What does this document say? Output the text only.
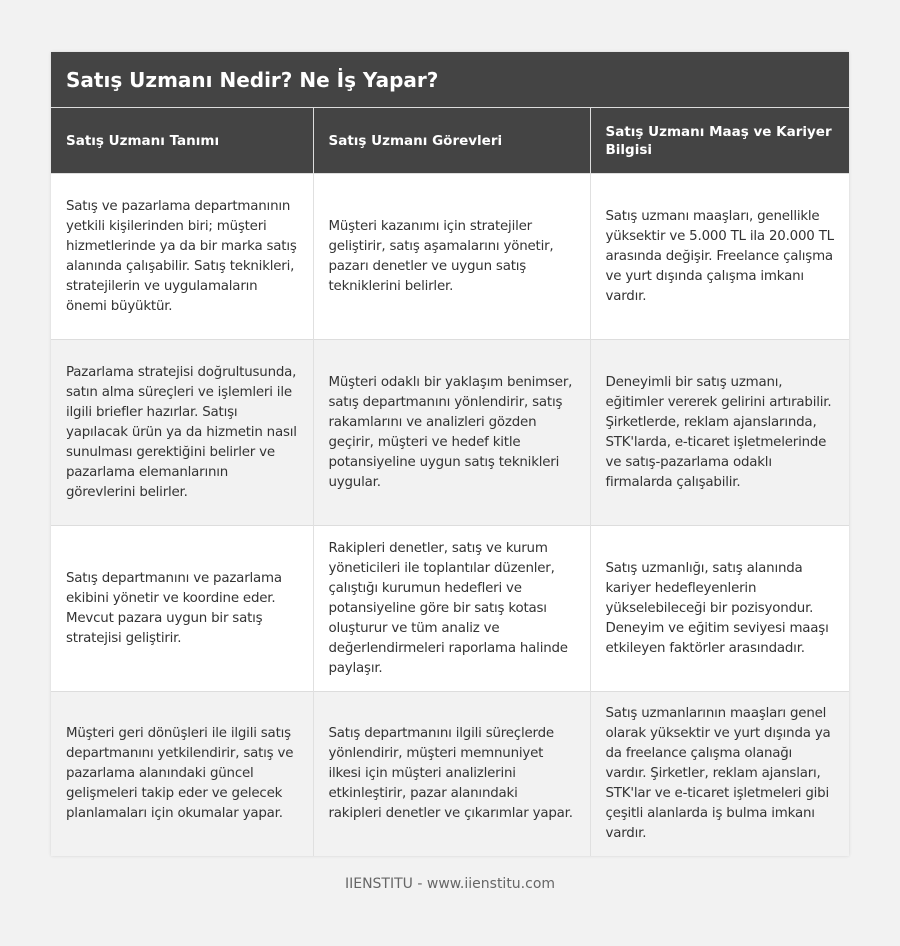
Satış Uzmanı Nedir? Ne İş Yapar?
Satış Uzmanı Tanımı	Satış Uzmanı Görevleri	Satış Uzmanı Maaş ve Kariyer Bilgisi
Satış ve pazarlama departmanının yetkili kişilerinden biri; müşteri hizmetlerinde ya da bir marka satış alanında çalışabilir. Satış teknikleri, stratejilerin ve uygulamaların önemi büyüktür.	Müşteri kazanımı için stratejiler geliştirir, satış aşamalarını yönetir, pazarı denetler ve uygun satış tekniklerini belirler.	Satış uzmanı maaşları, genellikle yüksektir ve 5.000 TL ila 20.000 TL arasında değişir. Freelance çalışma ve yurt dışında çalışma imkanı vardır.
Pazarlama stratejisi doğrultusunda, satın alma süreçleri ve işlemleri ile ilgili briefler hazırlar. Satışı yapılacak ürün ya da hizmetin nasıl sunulması gerektiğini belirler ve pazarlama elemanlarının görevlerini belirler.	Müşteri odaklı bir yaklaşım benimser, satış departmanını yönlendirir, satış rakamlarını ve analizleri gözden geçirir, müşteri ve hedef kitle potansiyeline uygun satış teknikleri uygular.	Deneyimli bir satış uzmanı, eğitimler vererek gelirini artırabilir. Şirketlerde, reklam ajanslarında, STK'larda, e-ticaret işletmelerinde ve satış-pazarlama odaklı firmalarda çalışabilir.
Satış departmanını ve pazarlama ekibini yönetir ve koordine eder. Mevcut pazara uygun bir satış stratejisi geliştirir.	Rakipleri denetler, satış ve kurum yöneticileri ile toplantılar düzenler, çalıştığı kurumun hedefleri ve potansiyeline göre bir satış kotası oluşturur ve tüm analiz ve değerlendirmeleri raporlama halinde paylaşır.	Satış uzmanlığı, satış alanında kariyer hedefleyenlerin yükselebileceği bir pozisyondur. Deneyim ve eğitim seviyesi maaşı etkileyen faktörler arasındadır.
Müşteri geri dönüşleri ile ilgili satış departmanını yetkilendirir, satış ve pazarlama alanındaki güncel gelişmeleri takip eder ve gelecek planlamaları için okumalar yapar.	Satış departmanını ilgili süreçlerde yönlendirir, müşteri memnuniyet ilkesi için müşteri analizlerini etkinleştirir, pazar alanındaki rakipleri denetler ve çıkarımlar yapar.	Satış uzmanlarının maaşları genel olarak yüksektir ve yurt dışında ya da freelance çalışma olanağı vardır. Şirketler, reklam ajansları, STK'lar ve e-ticaret işletmeleri gibi çeşitli alanlarda iş bulma imkanı vardır.
IIENSTITU - www.iienstitu.com
